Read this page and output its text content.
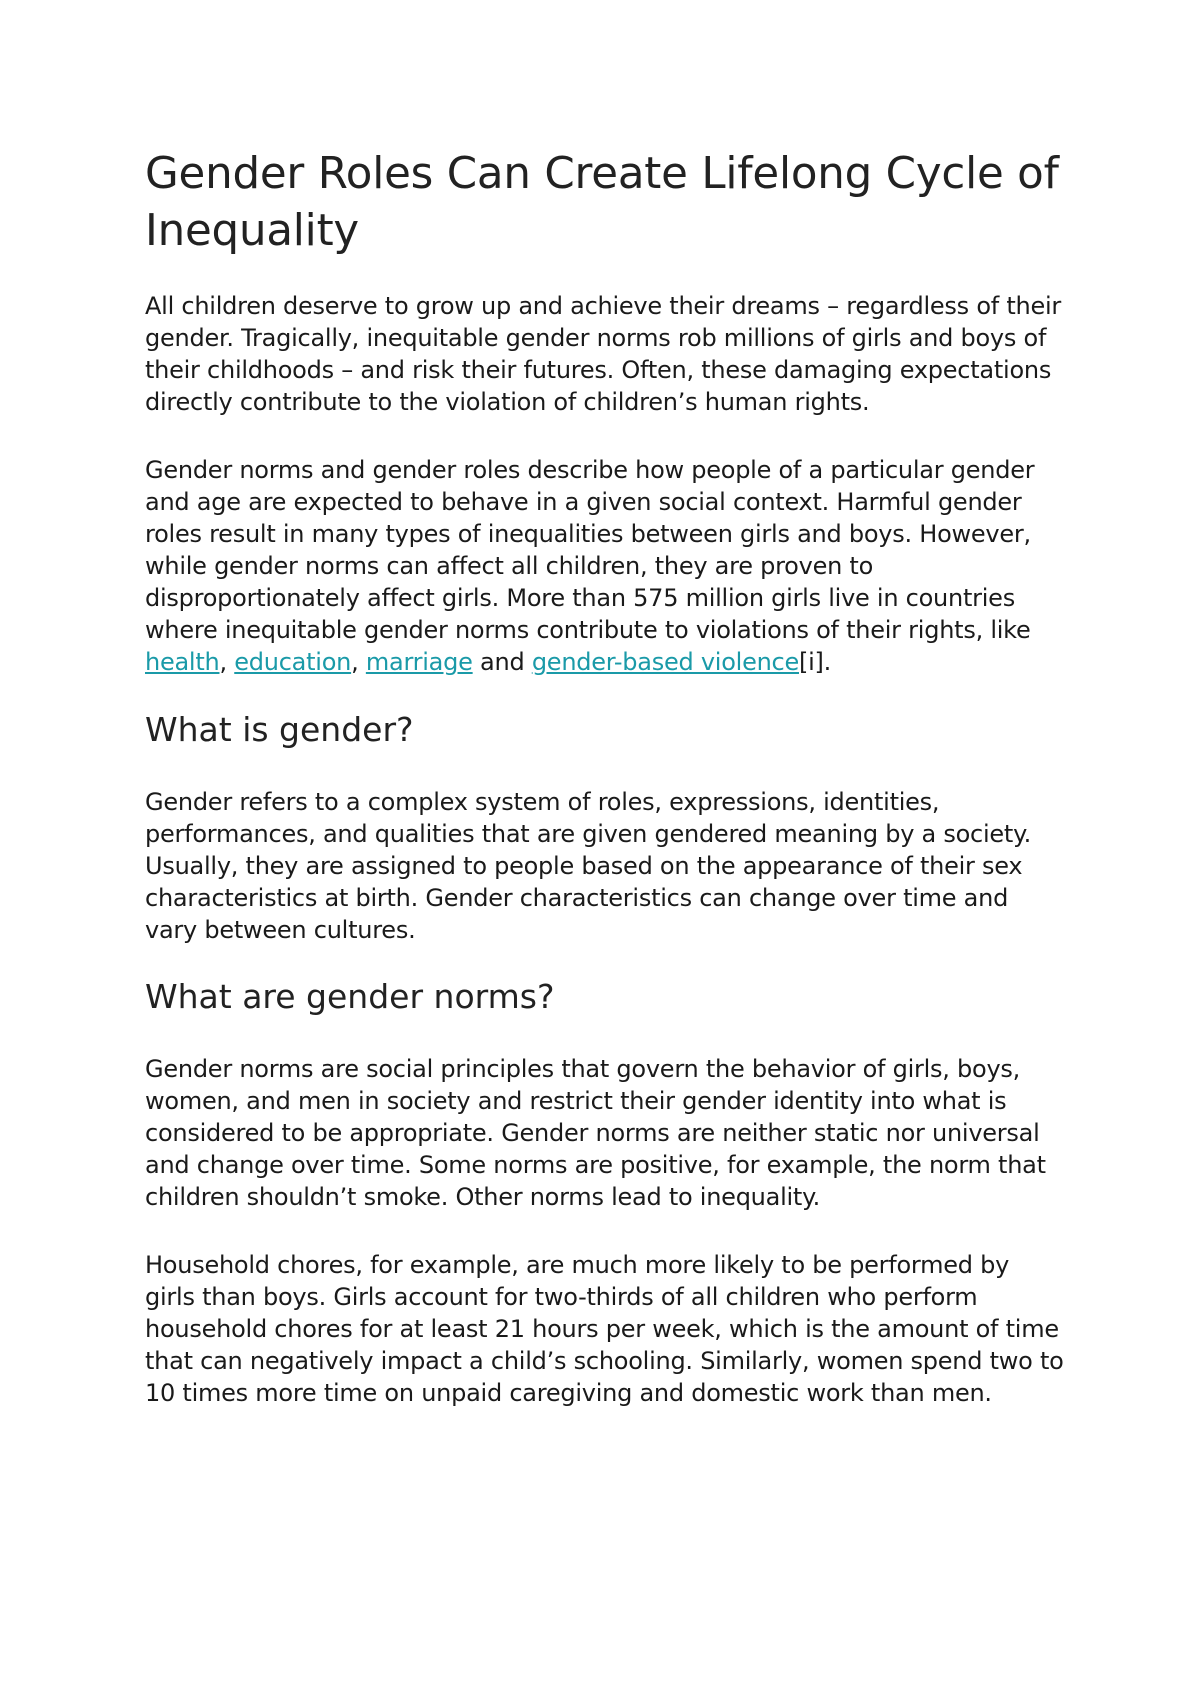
Gender Roles Can Create Lifelong Cycle of Inequality

All children deserve to grow up and achieve their dreams – regardless of their gender. Tragically, inequitable gender norms rob millions of girls and boys of their childhoods – and risk their futures. Often, these damaging expectations directly contribute to the violation of children’s human rights.

Gender norms and gender roles describe how people of a particular gender and age are expected to behave in a given social context. Harmful gender roles result in many types of inequalities between girls and boys. However, while gender norms can affect all children, they are proven to disproportionately affect girls. More than 575 million girls live in countries where inequitable gender norms contribute to violations of their rights, like health, education, marriage and gender-based violence[i].

What is gender?

Gender refers to a complex system of roles, expressions, identities, performances, and qualities that are given gendered meaning by a society. Usually, they are assigned to people based on the appearance of their sex characteristics at birth. Gender characteristics can change over time and vary between cultures.

What are gender norms?

Gender norms are social principles that govern the behavior of girls, boys, women, and men in society and restrict their gender identity into what is considered to be appropriate. Gender norms are neither static nor universal and change over time. Some norms are positive, for example, the norm that children shouldn’t smoke. Other norms lead to inequality.

Household chores, for example, are much more likely to be performed by girls than boys. Girls account for two-thirds of all children who perform household chores for at least 21 hours per week, which is the amount of time that can negatively impact a child’s schooling. Similarly, women spend two to 10 times more time on unpaid caregiving and domestic work than men.
